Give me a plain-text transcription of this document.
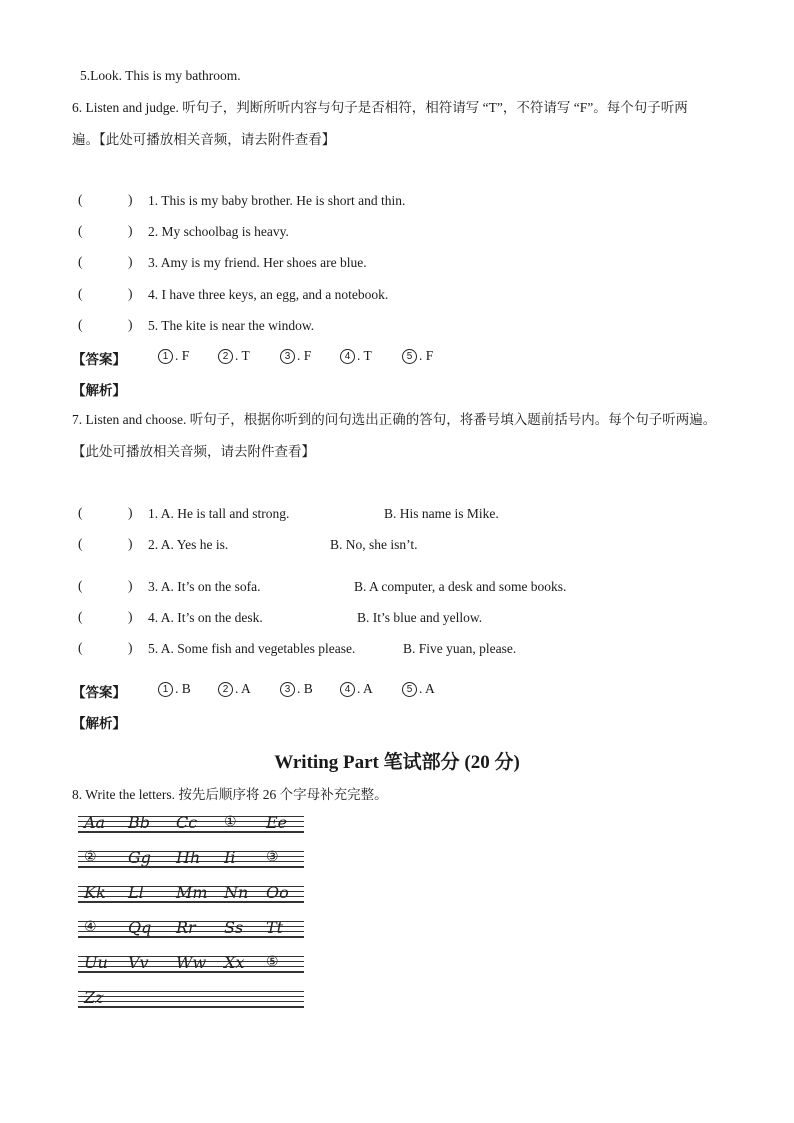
5.Look. This is my bathroom.
6. Listen and judge. 听句子，判断所听内容与句子是否相符，相符请写 “T”，不符请写 “F”。每个句子听两
遍。【此处可播放相关音频，请去附件查看】
(	) 1. This is my baby brother. He is short and thin.
(	) 2. My schoolbag is heavy.
(	) 3. Amy is my friend. Her shoes are blue.
(	) 4. I have three keys, an egg, and a notebook.
(	) 5. The kite is near the window.
【答案】	1 . F	2 . T	3 . F	4 . T	5 . F
【解析】
7. Listen and choose. 听句子，根据你听到的问句选出正确的答句，将番号填入题前括号内。每个句子听两遍。
【此处可播放相关音频，请去附件查看】
(	) 1. A. He is tall and strong.	B. His name is Mike.
(	) 2. A. Yes he is.	B. No, she isn’t.
(	) 3. A. It’s on the sofa.	B. A computer, a desk and some books.
(	) 4. A. It’s on the desk.	B. It’s blue and yellow.
(	) 5. A. Some fish and vegetables please.	B. Five yuan, please.
【答案】	1 . B	2 . A	3 . B	4 . A	5 . A
【解析】
Writing Part 笔试部分 (20 分)
8. Write the letters. 按先后顺序将 26 个字母补充完整。
Aa Bb Cc ① Ee
② Gg Hh Ii ③
Kk Ll Mm Nn Oo
④ Qq Rr Ss Tt
Uu Vv Ww Xx ⑤
Zz
